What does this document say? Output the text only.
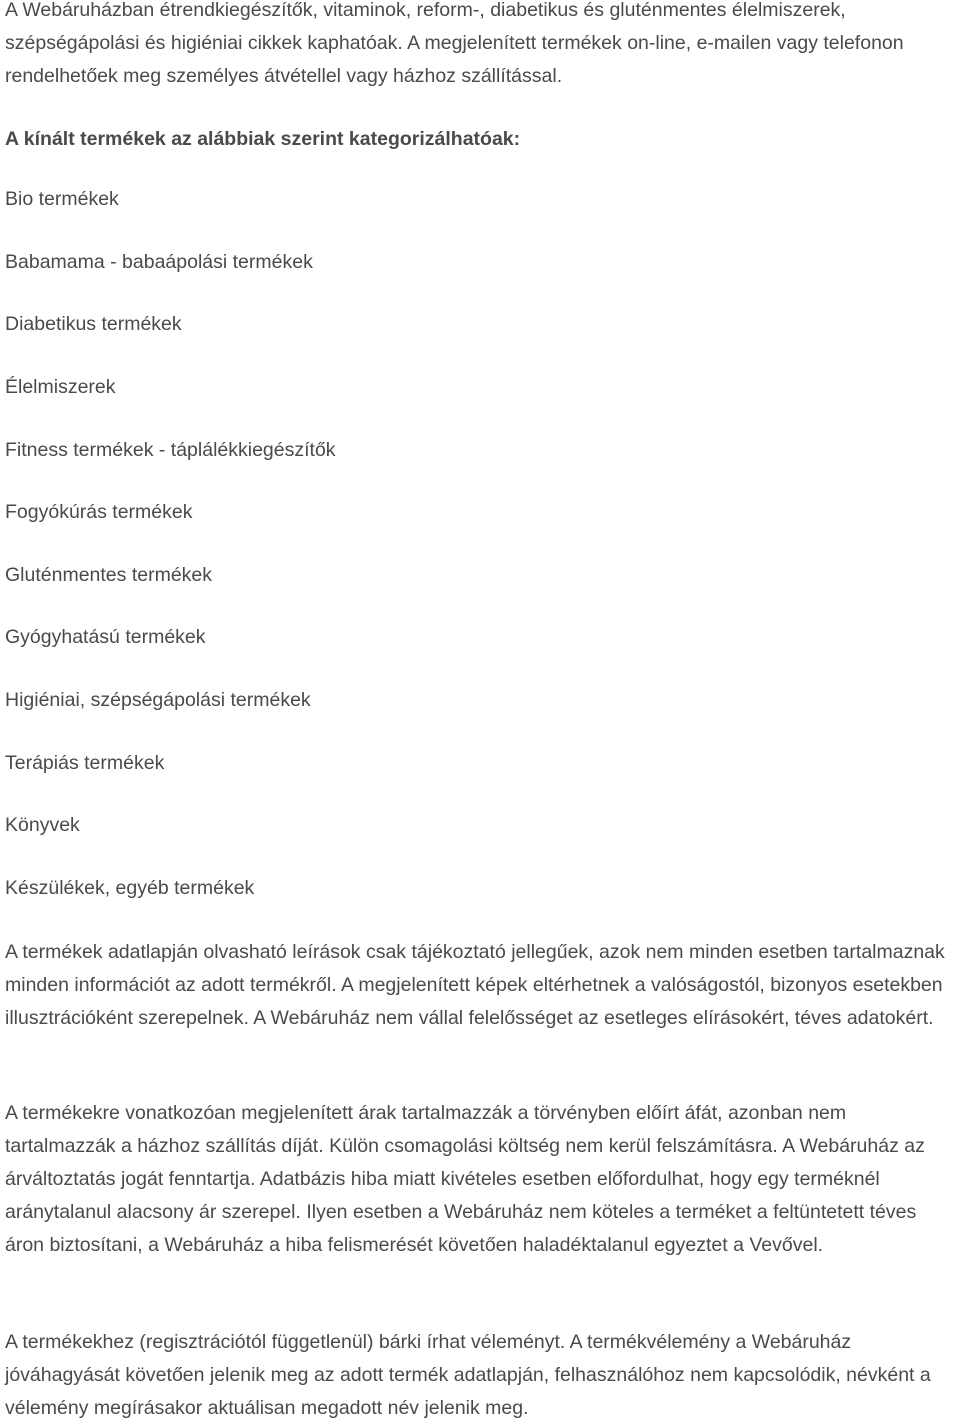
A Webáruházban étrendkiegészítők, vitaminok, reform-, diabetikus és gluténmentes élelmiszerek, szépségápolási és higiéniai cikkek kaphatóak. A megjelenített termékek on-line, e-mailen vagy telefonon rendelhetőek meg személyes átvétellel vagy házhoz szállítással.

A kínált termékek az alábbiak szerint kategorizálhatóak:
Bio termékek
Babamama - babaápolási termékek
Diabetikus termékek
Élelmiszerek
Fitness termékek - táplálékkiegészítők
Fogyókúrás termékek
Gluténmentes termékek
Gyógyhatású termékek
Higiéniai, szépségápolási termékek
Terápiás termékek
Könyvek
Készülékek, egyéb termékek

A termékek adatlapján olvasható leírások csak tájékoztató jellegűek, azok nem minden esetben tartalmaznak minden információt az adott termékről. A megjelenített képek eltérhetnek a valóságostól, bizonyos esetekben illusztrációként szerepelnek. A Webáruház nem vállal felelősséget az esetleges elírásokért, téves adatokért.

A termékekre vonatkozóan megjelenített árak tartalmazzák a törvényben előírt áfát, azonban nem tartalmazzák a házhoz szállítás díját. Külön csomagolási költség nem kerül felszámításra. A Webáruház az árváltoztatás jogát fenntartja. Adatbázis hiba miatt kivételes esetben előfordulhat, hogy egy terméknél aránytalanul alacsony ár szerepel. Ilyen esetben a Webáruház nem köteles a terméket a feltüntetett téves áron biztosítani, a Webáruház a hiba felismerését követően haladéktalanul egyeztet a Vevővel.

A termékekhez (regisztrációtól függetlenül) bárki írhat véleményt. A termékvélemény a Webáruház jóváhagyását követően jelenik meg az adott termék adatlapján, felhasználóhoz nem kapcsolódik, névként a vélemény megírásakor aktuálisan megadott név jelenik meg.
